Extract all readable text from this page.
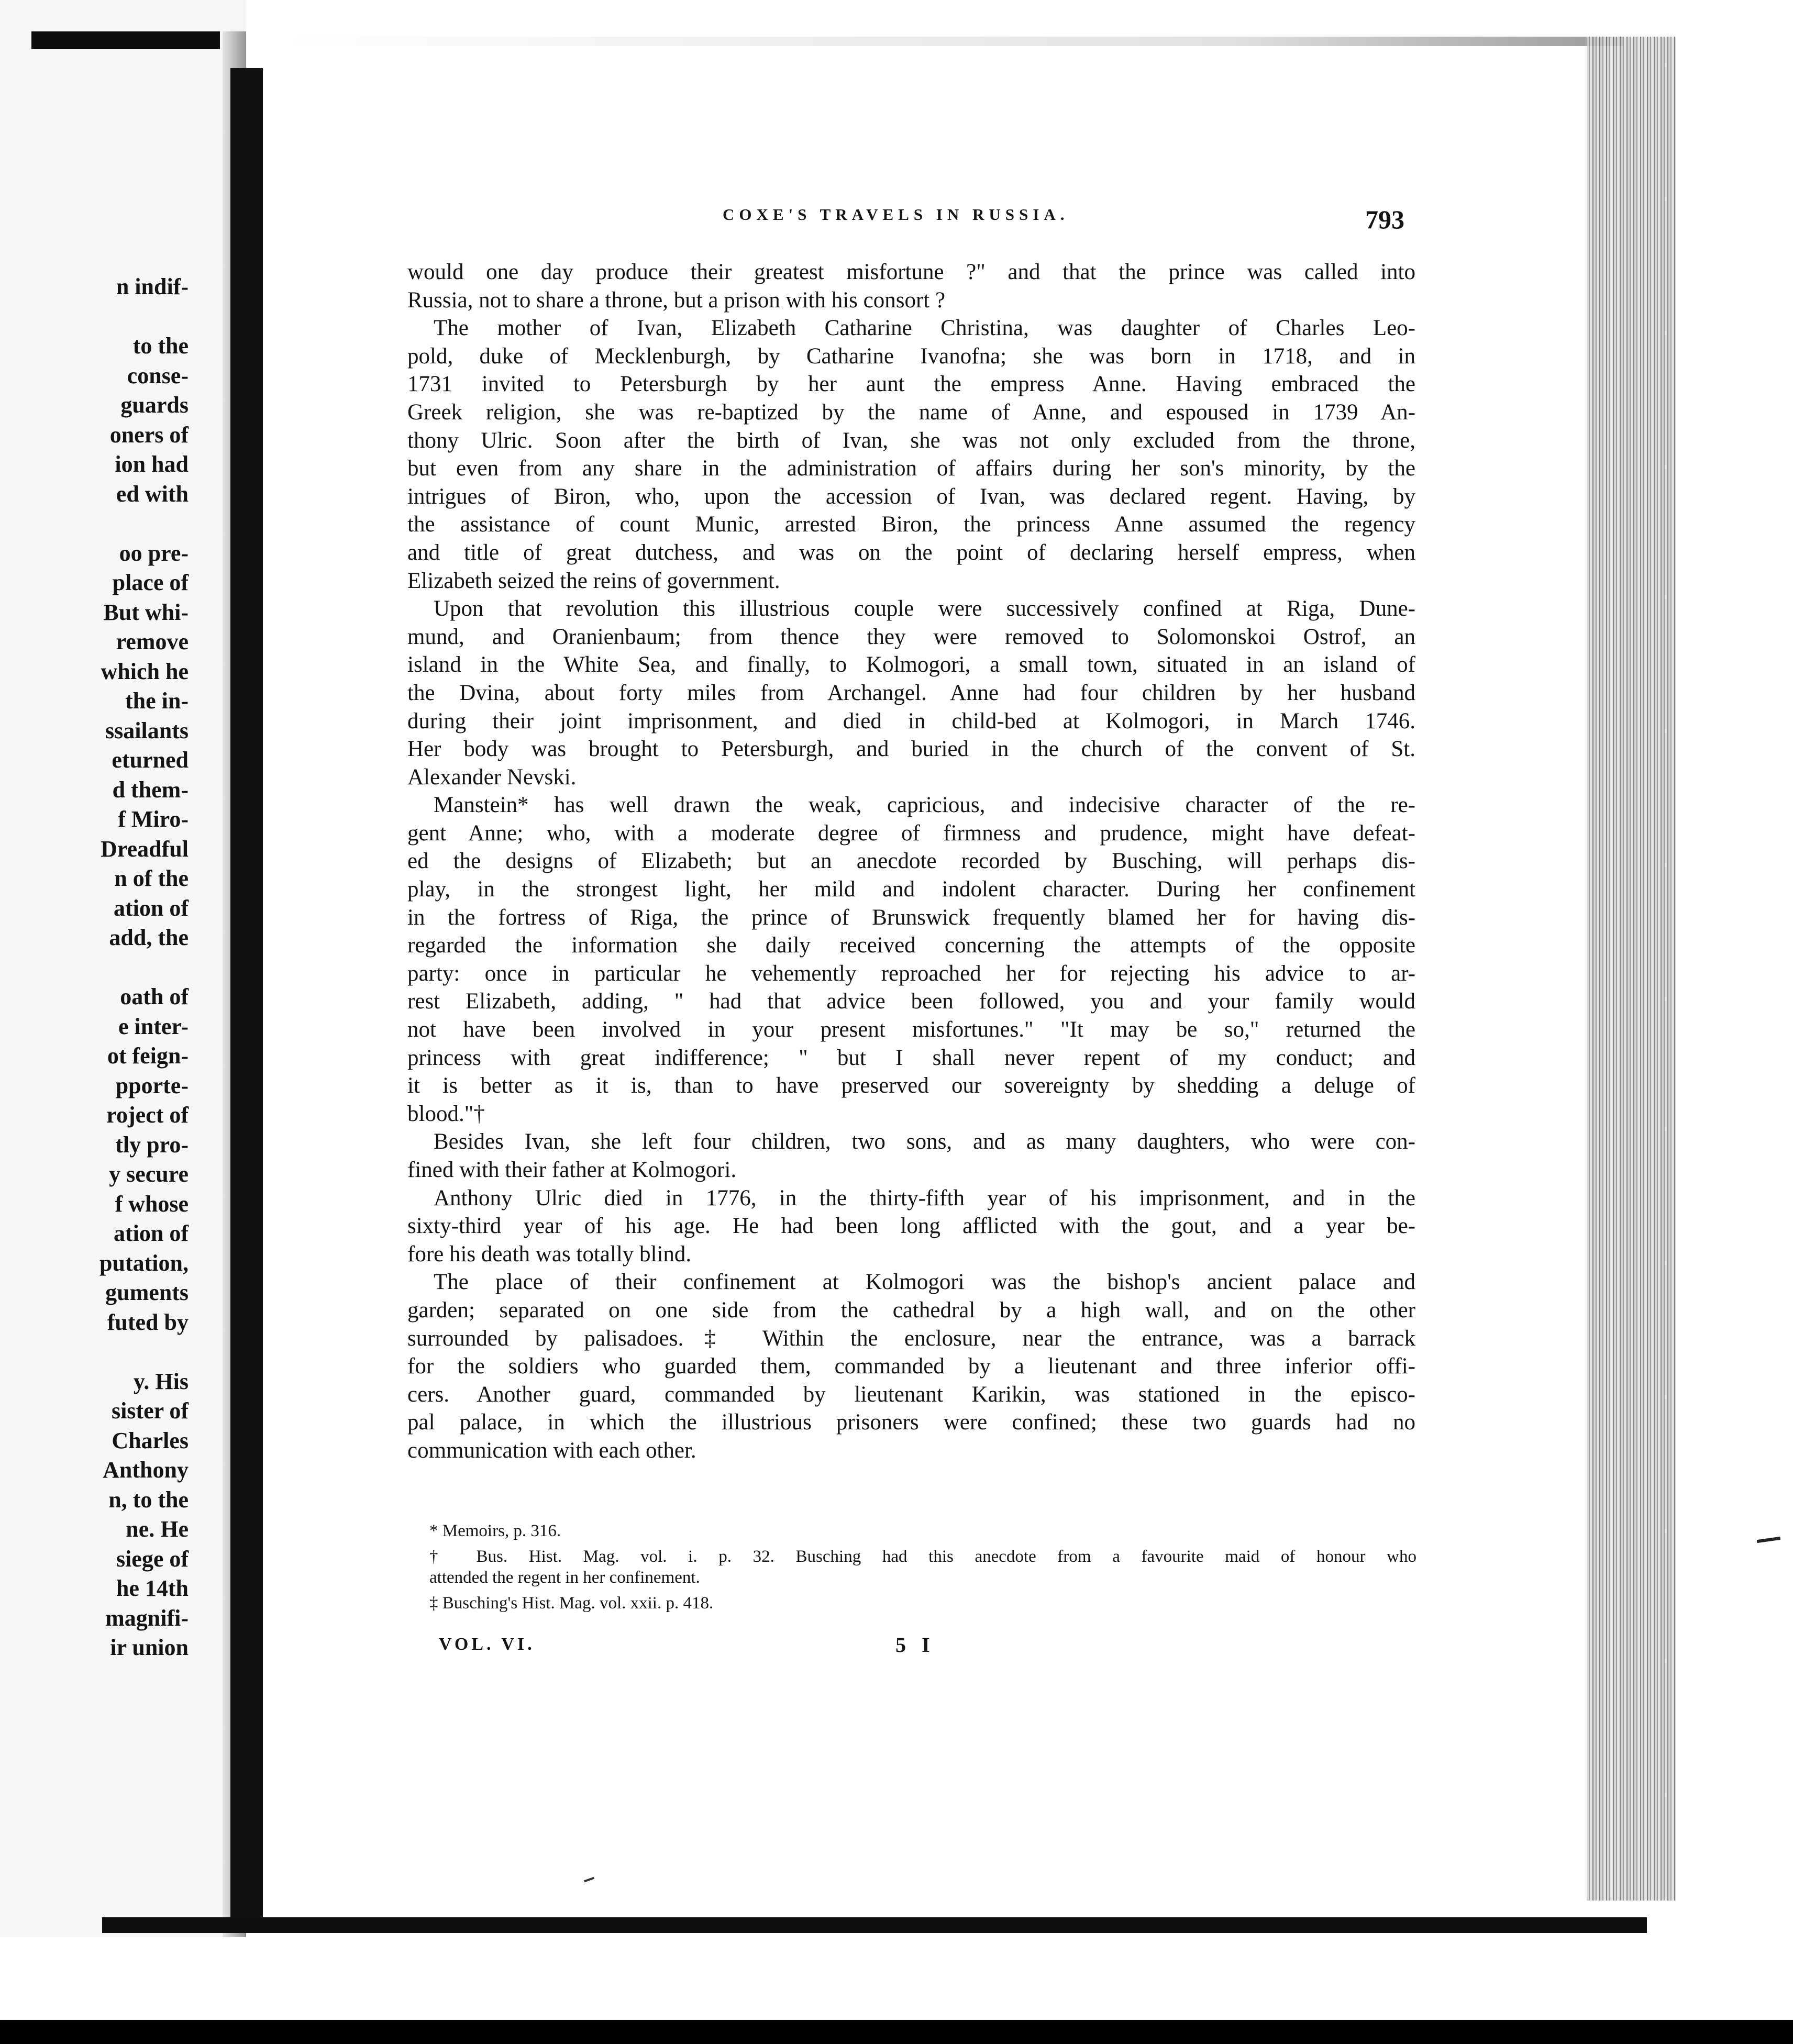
n indif-

to the
conse-
guards
oners of
ion had
ed with

oo pre-
place of
But whi-
remove
which he
the in-
ssailants
eturned
d them-
f Miro-
Dreadful
n of the
ation of
add, the

oath of
e inter-
ot feign-
pporte-
roject of
tly pro-
y secure
f whose
ation of
putation,
guments
futed by

y. His
sister of
Charles
Anthony
n, to the
ne. He
siege of
he 14th
magnifi-
ir union
COXE'S TRAVELS IN RUSSIA.	793
would one day produce their greatest misfortune ?" and that the prince was called into
Russia, not to share a throne, but a prison with his consort ?
The mother of Ivan, Elizabeth Catharine Christina, was daughter of Charles Leo-
pold, duke of Mecklenburgh, by Catharine Ivanofna; she was born in 1718, and in
1731 invited to Petersburgh by her aunt the empress Anne. Having embraced the
Greek religion, she was re-baptized by the name of Anne, and espoused in 1739 An-
thony Ulric. Soon after the birth of Ivan, she was not only excluded from the throne,
but even from any share in the administration of affairs during her son's minority, by the
intrigues of Biron, who, upon the accession of Ivan, was declared regent. Having, by
the assistance of count Munic, arrested Biron, the princess Anne assumed the regency
and title of great dutchess, and was on the point of declaring herself empress, when
Elizabeth seized the reins of government.
Upon that revolution this illustrious couple were successively confined at Riga, Dune-
mund, and Oranienbaum; from thence they were removed to Solomonskoi Ostrof, an
island in the White Sea, and finally, to Kolmogori, a small town, situated in an island of
the Dvina, about forty miles from Archangel. Anne had four children by her husband
during their joint imprisonment, and died in child-bed at Kolmogori, in March 1746.
Her body was brought to Petersburgh, and buried in the church of the convent of St.
Alexander Nevski.
Manstein* has well drawn the weak, capricious, and indecisive character of the re-
gent Anne; who, with a moderate degree of firmness and prudence, might have defeat-
ed the designs of Elizabeth; but an anecdote recorded by Busching, will perhaps dis-
play, in the strongest light, her mild and indolent character. During her confinement
in the fortress of Riga, the prince of Brunswick frequently blamed her for having dis-
regarded the information she daily received concerning the attempts of the opposite
party: once in particular he vehemently reproached her for rejecting his advice to ar-
rest Elizabeth, adding, " had that advice been followed, you and your family would
not have been involved in your present misfortunes." "It may be so," returned the
princess with great indifference; " but I shall never repent of my conduct; and
it is better as it is, than to have preserved our sovereignty by shedding a deluge of
blood."†
Besides Ivan, she left four children, two sons, and as many daughters, who were con-
fined with their father at Kolmogori.
Anthony Ulric died in 1776, in the thirty-fifth year of his imprisonment, and in the
sixty-third year of his age. He had been long afflicted with the gout, and a year be-
fore his death was totally blind.
The place of their confinement at Kolmogori was the bishop's ancient palace and
garden; separated on one side from the cathedral by a high wall, and on the other
surrounded by palisadoes.‡ Within the enclosure, near the entrance, was a barrack
for the soldiers who guarded them, commanded by a lieutenant and three inferior offi-
cers. Another guard, commanded by lieutenant Karikin, was stationed in the episco-
pal palace, in which the illustrious prisoners were confined; these two guards had no
communication with each other.
* Memoirs, p. 316.
† Bus. Hist. Mag. vol. i. p. 32. Busching had this anecdote from a favourite maid of honour who
attended the regent in her confinement.
‡ Busching's Hist. Mag. vol. xxii. p. 418.
VOL. VI.	5 I
